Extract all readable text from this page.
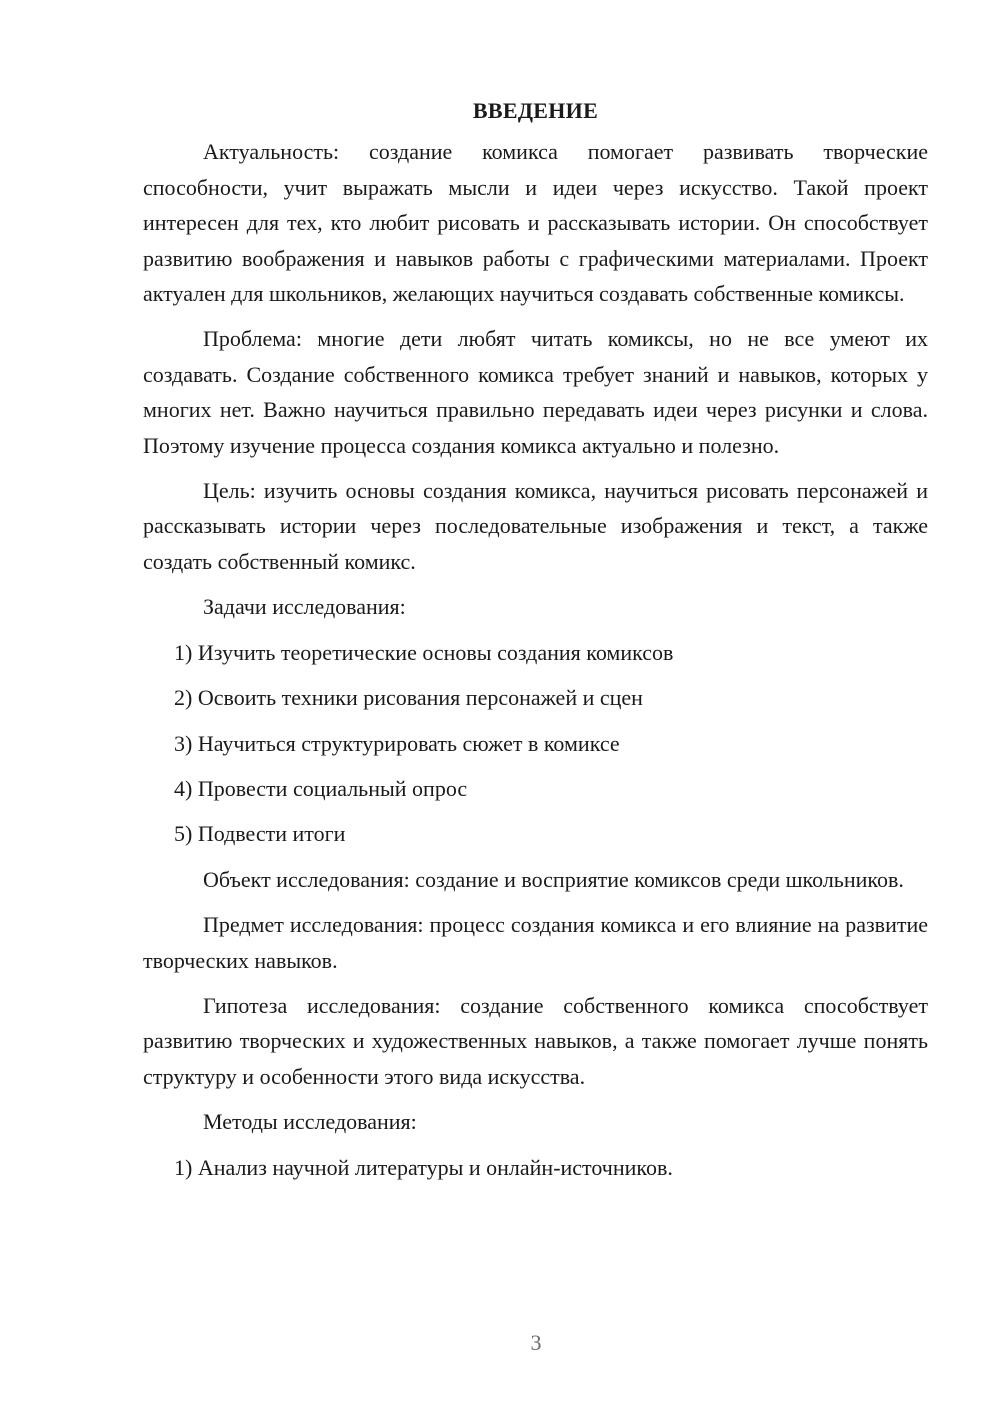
ВВЕДЕНИЕ

Актуальность: создание комикса помогает развивать творческие способности, учит выражать мысли и идеи через искусство. Такой проект интересен для тех, кто любит рисовать и рассказывать истории. Он способствует развитию воображения и навыков работы с графическими материалами. Проект актуален для школьников, желающих научиться создавать собственные комиксы.

Проблема: многие дети любят читать комиксы, но не все умеют их создавать. Создание собственного комикса требует знаний и навыков, которых у многих нет. Важно научиться правильно передавать идеи через рисунки и слова. Поэтому изучение процесса создания комикса актуально и полезно.

Цель: изучить основы создания комикса, научиться рисовать персонажей и рассказывать истории через последовательные изображения и текст, а также создать собственный комикс.

Задачи исследования:

1) Изучить теоретические основы создания комиксов
2) Освоить техники рисования персонажей и сцен
3) Научиться структурировать сюжет в комиксе
4) Провести социальный опрос
5) Подвести итоги

Объект исследования: создание и восприятие комиксов среди школьников.

Предмет исследования: процесс создания комикса и его влияние на развитие творческих навыков.

Гипотеза исследования: создание собственного комикса способствует развитию творческих и художественных навыков, а также помогает лучше понять структуру и особенности этого вида искусства.

Методы исследования:

1) Анализ научной литературы и онлайн-источников.
3
